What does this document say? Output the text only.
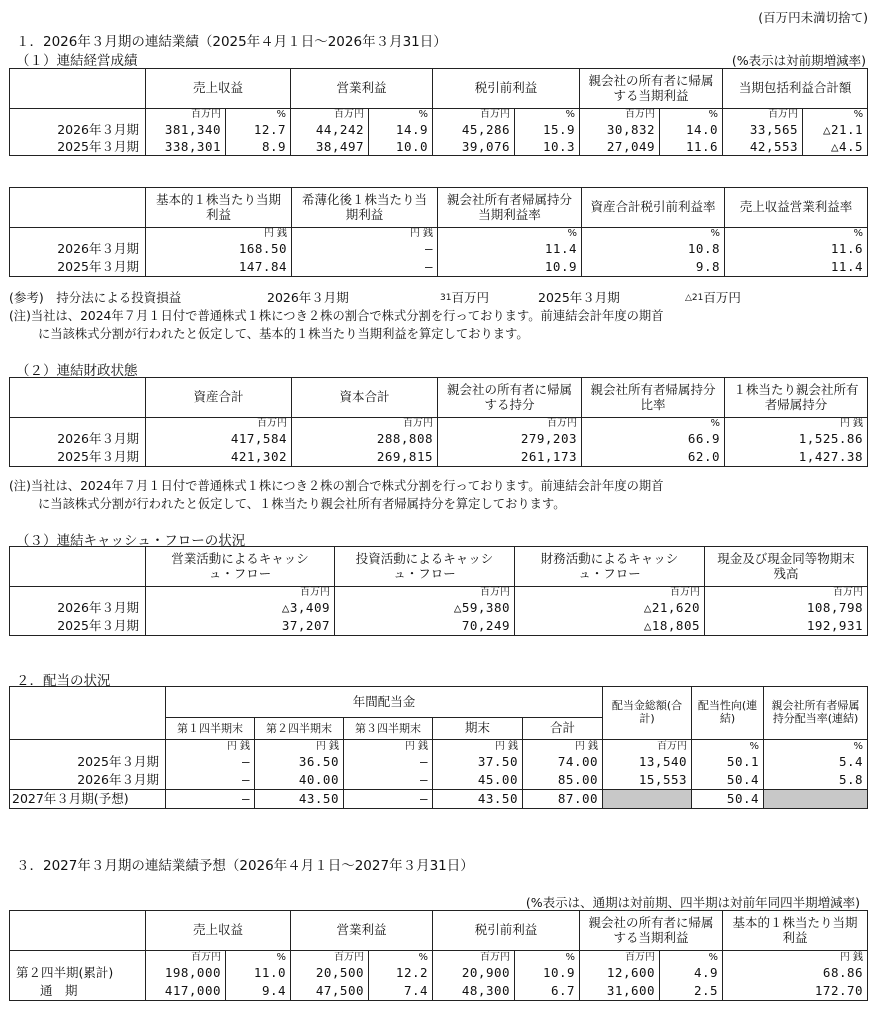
(百万円未満切捨て)
１．2026年３月期の連結業績（2025年４月１日～2026年３月31日）
（１）連結経営成績	(%表示は対前期増減率)
	売上収益		営業利益		税引前利益		親会社の所有者に帰属する当期利益		当期包括利益合計額	
	百万円	%	百万円	%	百万円	%	百万円	%	百万円	%
2026年３月期	381,340	12.7	44,242	14.9	45,286	15.9	30,832	14.0	33,565	△21.1
2025年３月期	338,301	8.9	38,497	10.0	39,076	10.3	27,049	11.6	42,553	△4.5
	基本的１株当たり当期利益	希薄化後１株当たり当期利益	親会社所有者帰属持分当期利益率	資産合計税引前利益率	売上収益営業利益率
	円 銭	円 銭	%	%	%
2026年３月期	168.50	—	11.4	10.8	11.6
2025年３月期	147.84	—	10.9	9.8	11.4
(参考)　持分法による投資損益	2026年３月期	31百万円	2025年３月期	△21百万円
(注)当社は、2024年７月１日付で普通株式１株につき２株の割合で株式分割を行っております。前連結会計年度の期首
に当該株式分割が行われたと仮定して、基本的１株当たり当期利益を算定しております。
（２）連結財政状態
	資産合計	資本合計	親会社の所有者に帰属する持分	親会社所有者帰属持分比率	１株当たり親会社所有者帰属持分
	百万円	百万円	百万円	%	円 銭
2026年３月期	417,584	288,808	279,203	66.9	1,525.86
2025年３月期	421,302	269,815	261,173	62.0	1,427.38
(注)当社は、2024年７月１日付で普通株式１株につき２株の割合で株式分割を行っております。前連結会計年度の期首
に当該株式分割が行われたと仮定して、１株当たり親会社所有者帰属持分を算定しております。
（３）連結キャッシュ・フローの状況
	営業活動によるキャッシュ・フロー	投資活動によるキャッシュ・フロー	財務活動によるキャッシュ・フロー	現金及び現金同等物期末残高
	百万円	百万円	百万円	百万円
2026年３月期	△3,409	△59,380	△21,620	108,798
2025年３月期	37,207	70,249	△18,805	192,931
２．配当の状況
	年間配当金					配当金総額(合計)	配当性向(連結)	親会社所有者帰属持分配当率(連結)
	第１四半期末	第２四半期末	第３四半期末	期末	合計			
	円 銭	円 銭	円 銭	円 銭	円 銭	百万円	%	%
2025年３月期	—	36.50	—	37.50	74.00	13,540	50.1	5.4
2026年３月期	—	40.00	—	45.00	85.00	15,553	50.4	5.8
2027年３月期(予想)	—	43.50	—	43.50	87.00		50.4	
３．2027年３月期の連結業績予想（2026年４月１日～2027年３月31日）
(%表示は、通期は対前期、四半期は対前年同四半期増減率)
	売上収益		営業利益		税引前利益		親会社の所有者に帰属する当期利益		基本的１株当たり当期利益
	百万円	%	百万円	%	百万円	%	百万円	%	円 銭
第２四半期(累計)	198,000	11.0	20,500	12.2	20,900	10.9	12,600	4.9	68.86
通　期	417,000	9.4	47,500	7.4	48,300	6.7	31,600	2.5	172.70
